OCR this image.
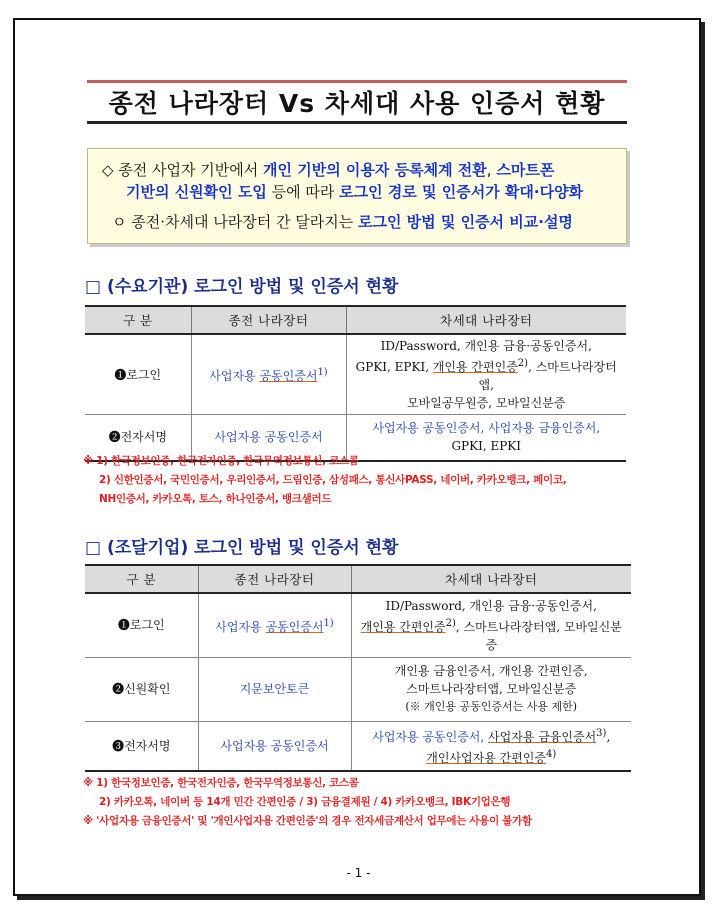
종전 나라장터 Vs 차세대 사용 인증서 현황
◇ 종전 사업자 기반에서 개인 기반의 이용자 등록체계 전환, 스마트폰
기반의 신원확인 도입 등에 따라 로그인 경로 및 인증서가 확대·다양화
ㅇ 종전·차세대 나라장터 간 달라지는 로그인 방법 및 인증서 비교·설명
□ (수요기관) 로그인 방법 및 인증서 현황
구 분	종전 나라장터	차세대 나라장터
❶로그인	사업자용 공동인증서$^{1)}$	ID/Password, 개인용 금융·공동인증서,
GPKI, EPKI, 개인용 간편인증$^{2)}$, 스마트나라장터앱,
모바일공무원증, 모바일신분증

❷전자서명	사업자용 공동인증서	사업자용 공동인증서, 사업자용 금융인증서,
GPKI, EPKI
※ 1) 한국정보인증, 한국전자인증, 한국무역정보통신, 코스콤
2) 신한인증서, 국민인증서, 우리인증서, 드림인증, 삼성패스, 통신사PASS, 네이버, 카카오뱅크, 페이코,
NH인증서, 카카오톡, 토스, 하나인증서, 뱅크샐러드
□ (조달기업) 로그인 방법 및 인증서 현황
구 분	종전 나라장터	차세대 나라장터
❶로그인	사업자용 공동인증서$^{1)}$	ID/Password, 개인용 금융·공동인증서,
개인용 간편인증$^{2)}$, 스마트나라장터앱, 모바일신분증

❷신원확인	지문보안토큰	개인용 금융인증서, 개인용 간편인증,
스마트나라장터앱, 모바일신분증
(※ 개인용 공동인증서는 사용 제한)

❸전자서명	사업자용 공동인증서	사업자용 공동인증서, 사업자용 금융인증서$^{3)}$,
개인사업자용 간편인증$^{4)}$
※ 1) 한국정보인증, 한국전자인증, 한국무역정보통신, 코스콤
2) 카카오톡, 네이버 등 14개 민간 간편인증 / 3) 금융결제원 / 4) 카카오뱅크, IBK기업은행
※ '사업자용 금융인증서' 및 '개인사업자용 간편인증'의 경우 전자세금계산서 업무에는 사용이 불가함
- 1 -
